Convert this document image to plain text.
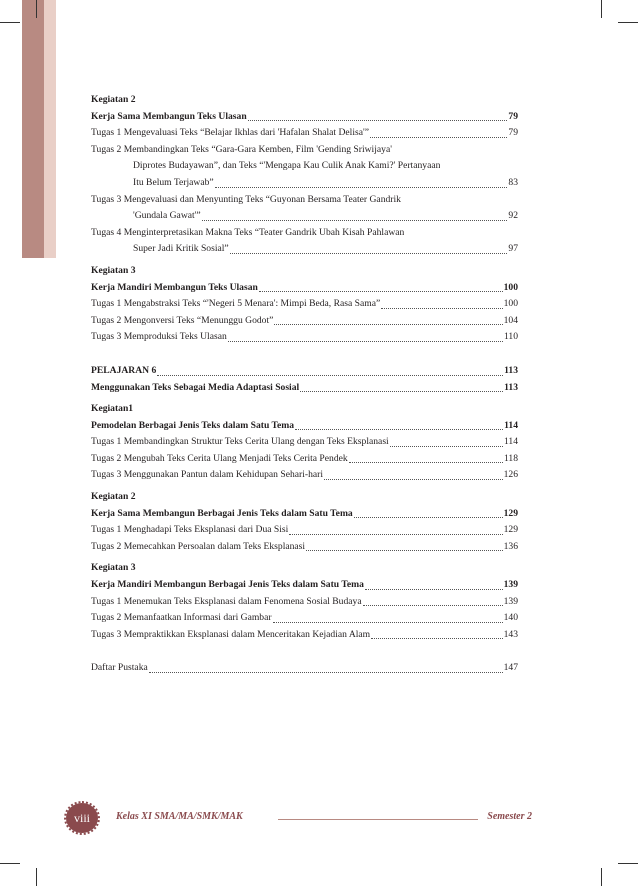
Kegiatan 2
Kerja Sama Membangun Teks Ulasan	79
Tugas 1 Mengevaluasi Teks “Belajar Ikhlas dari 'Hafalan Shalat Delisa'”	79
Tugas 2 Membandingkan Teks “Gara-Gara Kemben, Film 'Gending Sriwijaya'
Diprotes Budayawan”, dan Teks “'Mengapa Kau Culik Anak Kami?' Pertanyaan
Itu Belum Terjawab”	83
Tugas 3 Mengevaluasi dan Menyunting Teks “Guyonan Bersama Teater Gandrik
'Gundala Gawat'”	92
Tugas 4 Menginterpretasikan Makna Teks “Teater Gandrik Ubah Kisah Pahlawan
Super Jadi Kritik Sosial”	97
Kegiatan 3
Kerja Mandiri Membangun Teks Ulasan	100
Tugas 1 Mengabstraksi Teks “'Negeri 5 Menara': Mimpi Beda, Rasa Sama”	100
Tugas 2 Mengonversi Teks “Menunggu Godot”	104
Tugas 3 Memproduksi Teks Ulasan	110
PELAJARAN 6	113
Menggunakan Teks Sebagai Media Adaptasi Sosial	113
Kegiatan1
Pemodelan Berbagai Jenis Teks dalam Satu Tema	114
Tugas 1 Membandingkan Struktur Teks Cerita Ulang dengan Teks Eksplanasi	114
Tugas 2 Mengubah Teks Cerita Ulang Menjadi Teks Cerita Pendek	118
Tugas 3 Menggunakan Pantun dalam Kehidupan Sehari-hari	126
Kegiatan 2
Kerja Sama Membangun Berbagai Jenis Teks dalam Satu Tema	129
Tugas 1 Menghadapi Teks Eksplanasi dari Dua Sisi	129
Tugas 2 Memecahkan Persoalan dalam Teks Eksplanasi	136
Kegiatan 3
Kerja Mandiri Membangun Berbagai Jenis Teks dalam Satu Tema	139
Tugas 1 Menemukan Teks Eksplanasi dalam Fenomena Sosial Budaya	139
Tugas 2 Memanfaatkan Informasi dari Gambar	140
Tugas 3 Mempraktikkan Eksplanasi dalam Menceritakan Kejadian Alam	143
Daftar Pustaka	147
viii	Kelas XI SMA/MA/SMK/MAK	Semester 2
